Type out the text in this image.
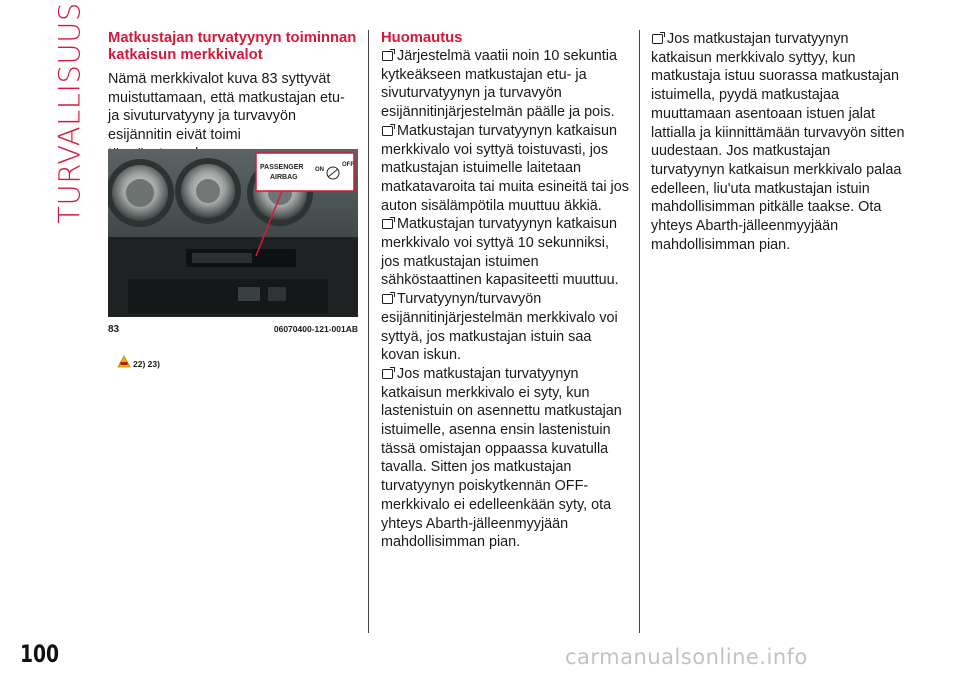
TURVALLISUUS
100
Matkustajan turvatyynyn toiminnan katkaisun merkkivalot

Nämä merkkivalot kuva 83 syttyvät muistuttamaan, että matkustajan etu- ja sivuturvatyyny ja turvavyön esijännitin eivät toimi

PASSENGER
AIRBAG
ON
OFF
83	06070400-121-001AB
22) 23)
Huomautus

Järjestelmä vaatii noin 10 sekuntia kytkeäkseen matkustajan etu- ja sivuturvatyynyn ja turvavyön esijännitinjärjestelmän päälle ja pois.

Matkustajan turvatyynyn katkaisun merkkivalo voi syttyä toistuvasti, jos matkustajan istuimelle laitetaan matkatavaroita tai muita esineitä tai jos auton sisälämpötila muuttuu äkkiä.

Matkustajan turvatyynyn katkaisun merkkivalo voi syttyä 10 sekunniksi, jos matkustajan istuimen sähköstaattinen kapasiteetti muuttuu.

Turvatyynyn/turvavyön esijännitinjärjestelmän merkkivalo voi syttyä, jos matkustajan istuin saa kovan iskun.

Jos matkustajan turvatyynyn katkaisun merkkivalo ei syty, kun lastenistuin on asennettu matkustajan istuimelle, asenna ensin lastenistuin tässä omistajan oppaassa kuvatulla tavalla. Sitten jos matkustajan turvatyynyn poiskytkennän OFF-merkkivalo ei edelleenkään syty, ota yhteys Abarth-jälleenmyyjään mahdollisimman pian.

Jos matkustajan turvatyynyn katkaisun merkkivalo syttyy, kun matkustaja istuu suorassa matkustajan istuimella, pyydä matkustajaa muuttamaan asentoaan istuen jalat lattialla ja kiinnittämään turvavyön sitten uudestaan. Jos matkustajan turvatyynyn katkaisun merkkivalo palaa edelleen, liu'uta matkustajan istuin mahdollisimman pitkälle taakse. Ota yhteys Abarth-jälleenmyyjään mahdollisimman pian.

carmanualsonline.info
